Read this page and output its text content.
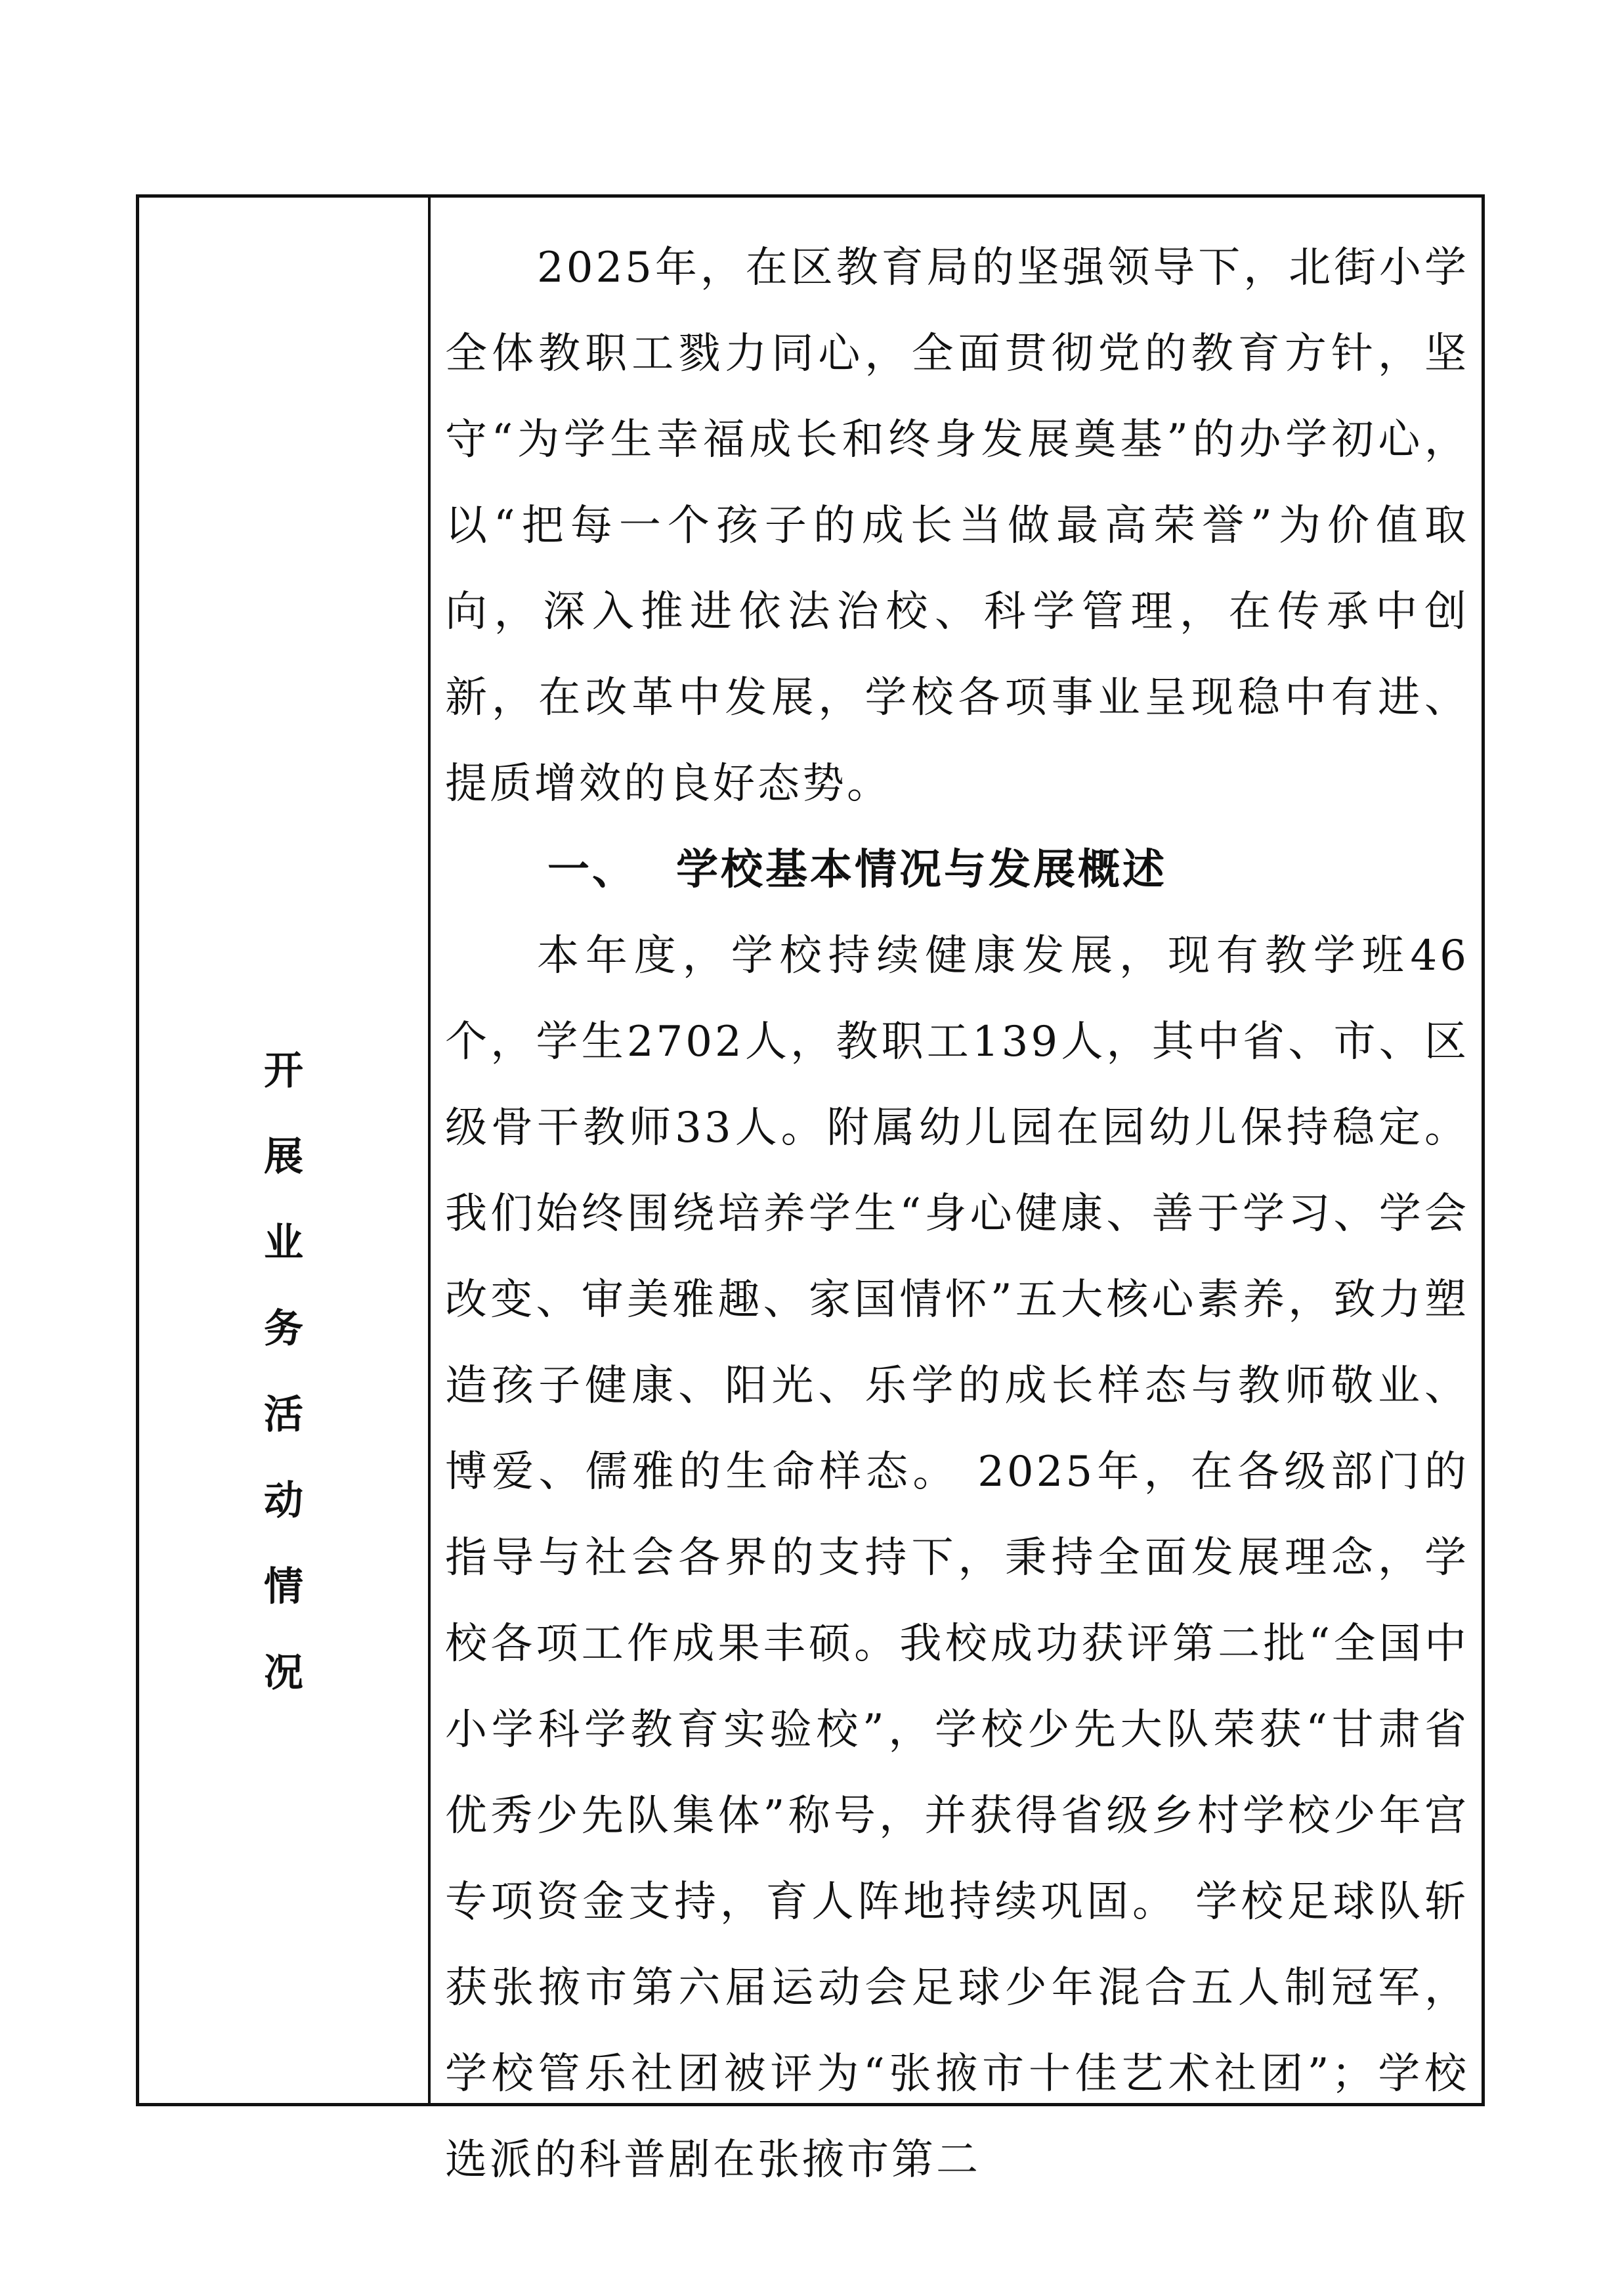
开
展
业
务
活
动
情
况

2025年，在区教育局的坚强领导下，北街小学全体教职工戮力同心，全面贯彻党的教育方针，坚守“为学生幸福成长和终身发展奠基”的办学初心，以“把每一个孩子的成长当做最高荣誉”为价值取向，深入推进依法治校、科学管理，在传承中创新，在改革中发展，学校各项事业呈现稳中有进、提质增效的良好态势。

一、 学校基本情况与发展概述

本年度，学校持续健康发展，现有教学班46个，学生2702人，教职工139人，其中省、市、区级骨干教师33人。附属幼儿园在园幼儿保持稳定。我们始终围绕培养学生“身心健康、善于学习、学会改变、审美雅趣、家国情怀”五大核心素养，致力塑造孩子健康、阳光、乐学的成长样态与教师敬业、博爱、儒雅的生命样态。 2025年，在各级部门的指导与社会各界的支持下，秉持全面发展理念，学校各项工作成果丰硕。我校成功获评第二批“全国中小学科学教育实验校”，学校少先大队荣获“甘肃省优秀少先队集体”称号，并获得省级乡村学校少年宫专项资金支持，育人阵地持续巩固。 学校足球队斩获张掖市第六届运动会足球少年混合五人制冠军，学校管乐社团被评为“张掖市十佳艺术社团”；学校选派的科普剧在张掖市第二
